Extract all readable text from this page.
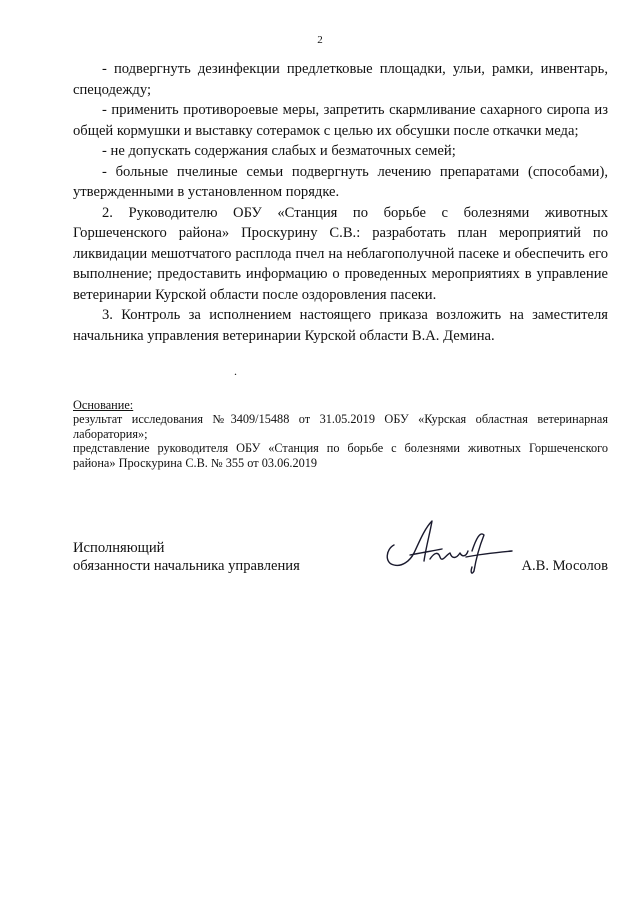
2

- подвергнуть дезинфекции предлетковые площадки, ульи, рамки, инвентарь, спецодежду;

- применить противороевые меры, запретить скармливание сахарного сиропа из общей кормушки и выставку сотерамок с целью их обсушки после откачки меда;

- не допускать содержания слабых и безматочных семей;

- больные пчелиные семьи подвергнуть лечению препаратами (способами), утвержденными в установленном порядке.

2. Руководителю ОБУ «Станция по борьбе с болезнями животных Горшеченского района» Проскурину С.В.: разработать план мероприятий по ликвидации мешотчатого расплода пчел на неблагополучной пасеке и обеспечить его выполнение; предоставить информацию о проведенных мероприятиях в управление ветеринарии Курской области после оздоровления пасеки.

3. Контроль за исполнением настоящего приказа возложить на заместителя начальника управления ветеринарии Курской области В.А. Демина.

.

Основание:

результат исследования №3409/15488 от 31.05.2019 ОБУ «Курская областная ветеринарная лаборатория»;

представление руководителя ОБУ «Станция по борьбе с болезнями животных Горшеченского района» Проскурина С.В. № 355 от 03.06.2019

Исполняющий
обязанности начальника управления	А.В. Мосолов
